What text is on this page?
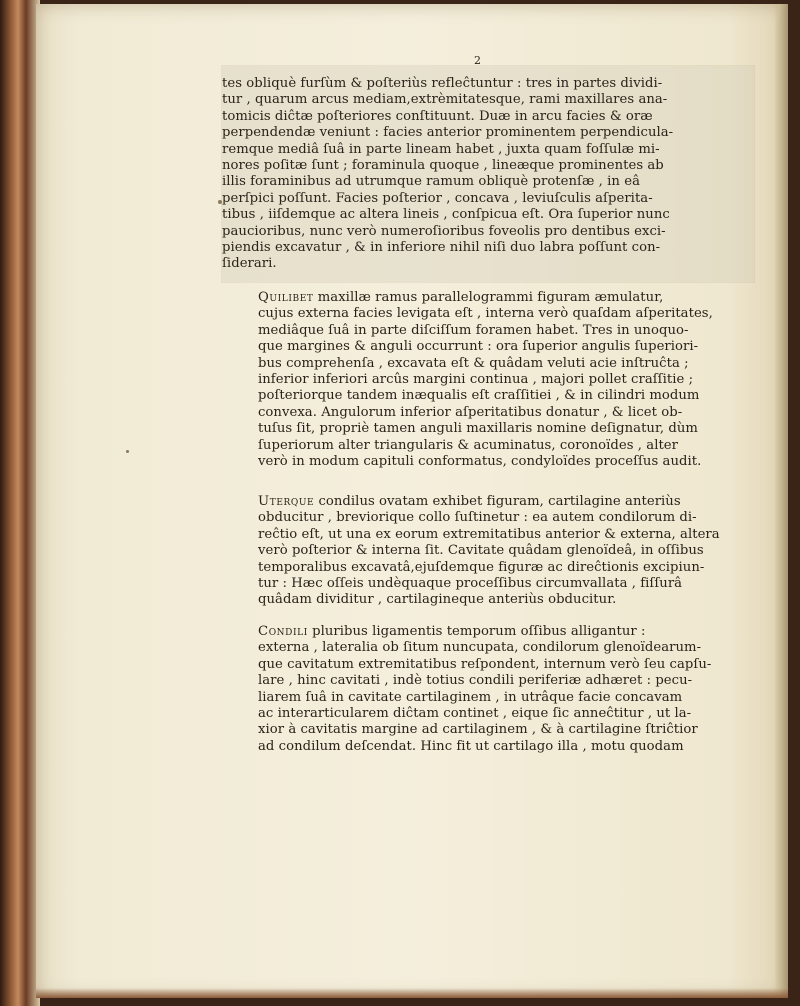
2

tes obliquè furſùm & poſteriùs refleĉtuntur : tres in partes dividi-
tur , quarum arcus mediam,extrèmitatesque, rami maxillares ana-
tomicis diĉtæ poſteriores conſtituunt. Duæ in arcu facies & oræ
perpendendæ veniunt : facies anterior prominentem perpendicula-
remque mediâ ſuâ in parte lineam habet , juxta quam foſſulæ mi-
nores poſitæ ſunt ; foraminula quoque , lineæque prominentes ab
illis foraminibus ad utrumque ramum obliquè protenſæ , in eâ
perſpici poſſunt. Facies poſterior , concava , leviuſculis aſperita-
tibus , iiſdemque ac altera lineis , conſpicua eſt. Ora ſuperior nunc
paucioribus, nunc verò numeroſioribus foveolis pro dentibus exci-
piendis excavatur , & in inferiore nihil niſi duo labra poſſunt con-
ſiderari.

Quilibet maxillæ ramus parallelogrammi figuram æmulatur,
cujus externa facies levigata eſt , interna verò quaſdam aſperitates,
mediâque ſuâ in parte diſciſſum foramen habet. Tres in unoquo-
que margines & anguli occurrunt : ora ſuperior angulis ſuperiori-
bus comprehenſa , excavata eſt & quâdam veluti acie inſtruĉta ;
inferior inferiori arcûs margini continua , majori pollet craſſitie ;
poſteriorque tandem inæqualis eſt craſſitiei , & in cilindri modum
convexa. Angulorum inferior aſperitatibus donatur , & licet ob-
tuſus ſit, propriè tamen anguli maxillaris nomine deſignatur, dùm
ſuperiorum alter triangularis & acuminatus, coronoïdes , alter
verò in modum capituli conformatus, condyloïdes proceſſus audit.

Uterque condilus ovatam exhibet figuram, cartilagine anteriùs
obducitur , breviorique collo ſuſtinetur : ea autem condilorum di-
reĉtio eſt, ut una ex eorum extremitatibus anterior & externa, altera
verò poſterior & interna ſit. Cavitate quâdam glenoïdeâ, in oſſibus
temporalibus excavatâ,ejuſdemque figuræ ac direĉtionis excipiun-
tur : Hæc oſſeis undèquaque proceſſibus circumvallata , fiſſurâ
quâdam dividitur , cartilagineque anteriùs obducitur.

Condili pluribus ligamentis temporum oſſibus alligantur :
externa , lateralia ob ſitum nuncupata, condilorum glenoïdearum-
que cavitatum extremitatibus reſpondent, internum verò ſeu capſu-
lare , hinc cavitati , indè totius condili periferiæ adhæret : pecu-
liarem ſuâ in cavitate cartilaginem , in utrâque facie concavam
ac interarticularem diĉtam continet , eique ſic anneĉtitur , ut la-
xior à cavitatis margine ad cartilaginem , & à cartilagine ſtriĉtior
ad condilum deſcendat. Hinc fit ut cartilago illa , motu quodam
